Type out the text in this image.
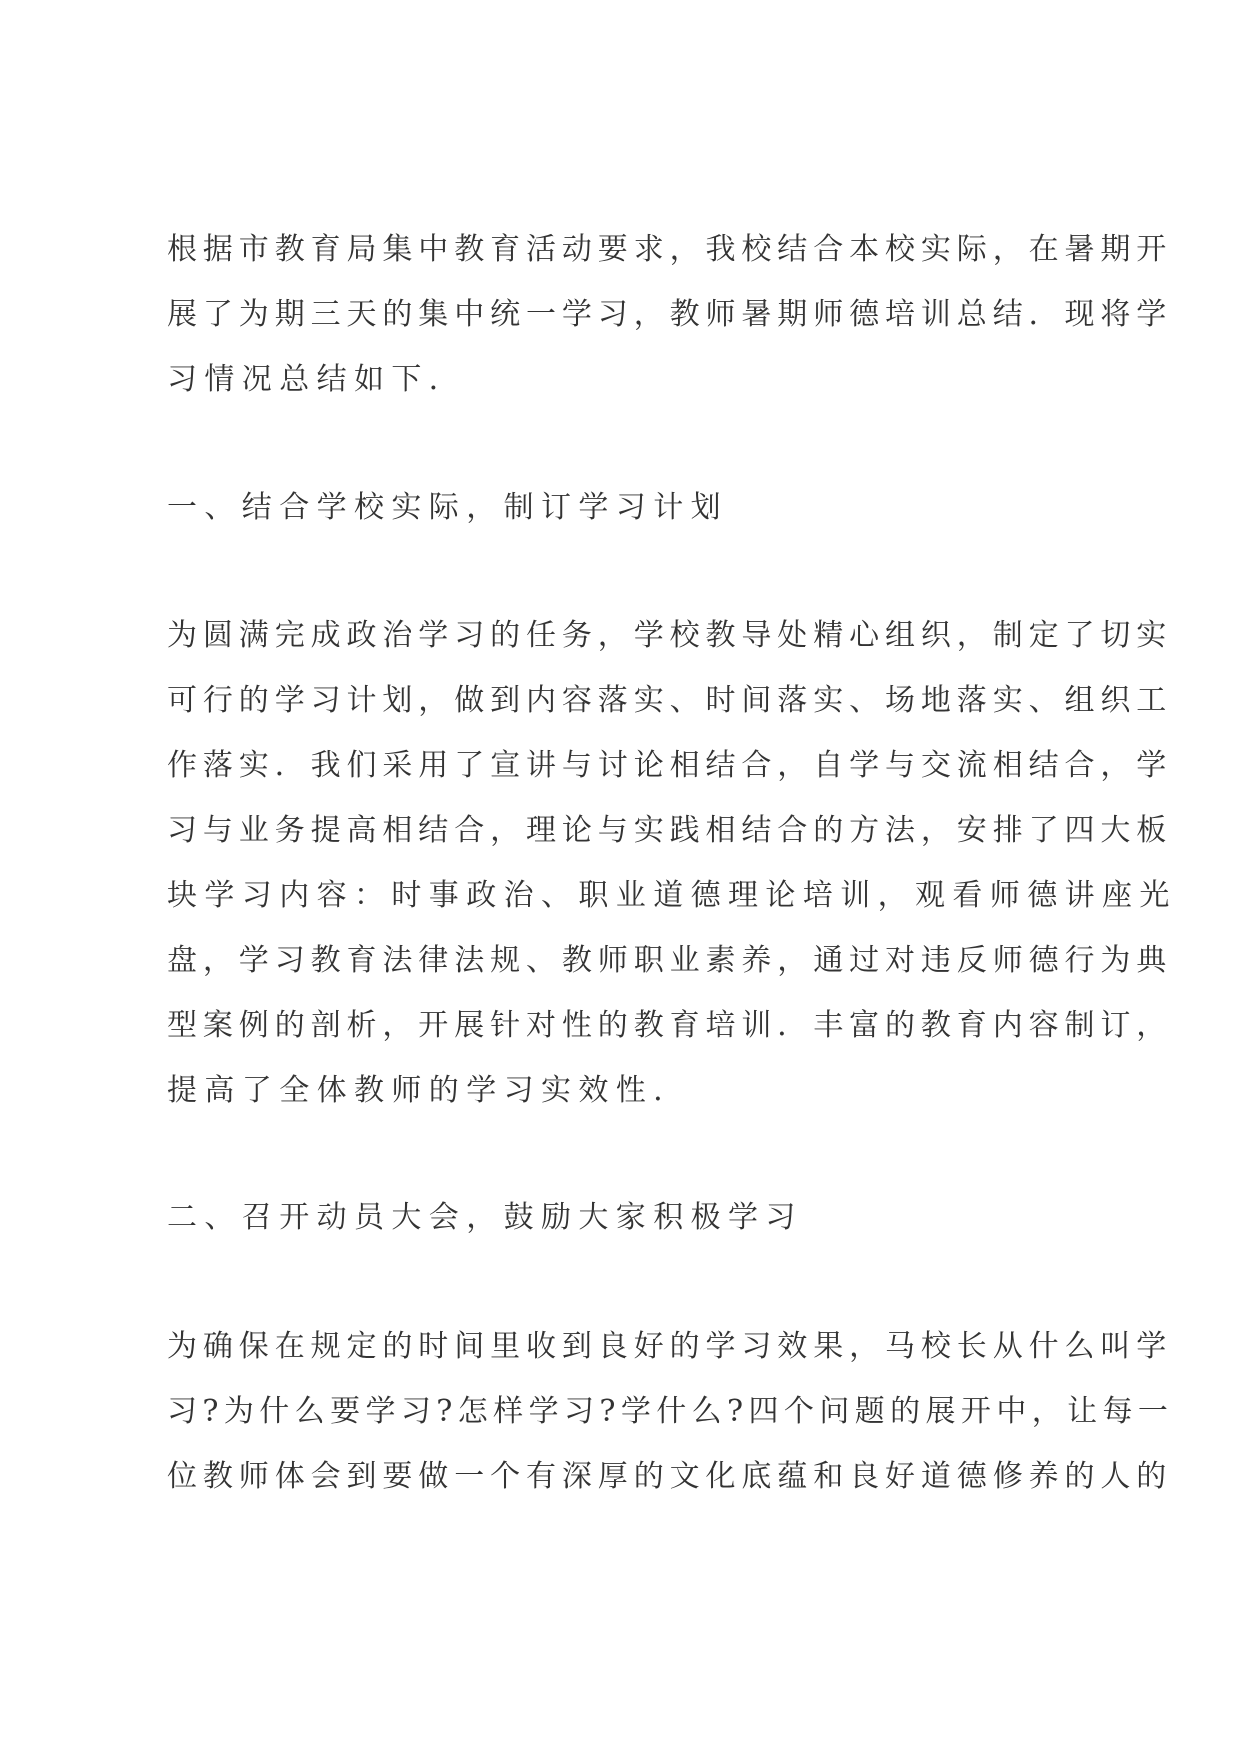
根据市教育局集中教育活动要求，我校结合本校实际，在暑期开
展了为期三天的集中统一学习，教师暑期师德培训总结．现将学
习情况总结如下．
一、结合学校实际，制订学习计划
为圆满完成政治学习的任务，学校教导处精心组织，制定了切实
可行的学习计划，做到内容落实、时间落实、场地落实、组织工
作落实．我们采用了宣讲与讨论相结合，自学与交流相结合，学
习与业务提高相结合，理论与实践相结合的方法，安排了四大板
块学习内容：时事政治、职业道德理论培训，观看师德讲座光
盘，学习教育法律法规、教师职业素养，通过对违反师德行为典
型案例的剖析，开展针对性的教育培训．丰富的教育内容制订，
提高了全体教师的学习实效性．
二、召开动员大会，鼓励大家积极学习
为确保在规定的时间里收到良好的学习效果，马校长从什么叫学
习?为什么要学习?怎样学习?学什么?四个问题的展开中，让每一
位教师体会到要做一个有深厚的文化底蕴和良好道德修养的人的
